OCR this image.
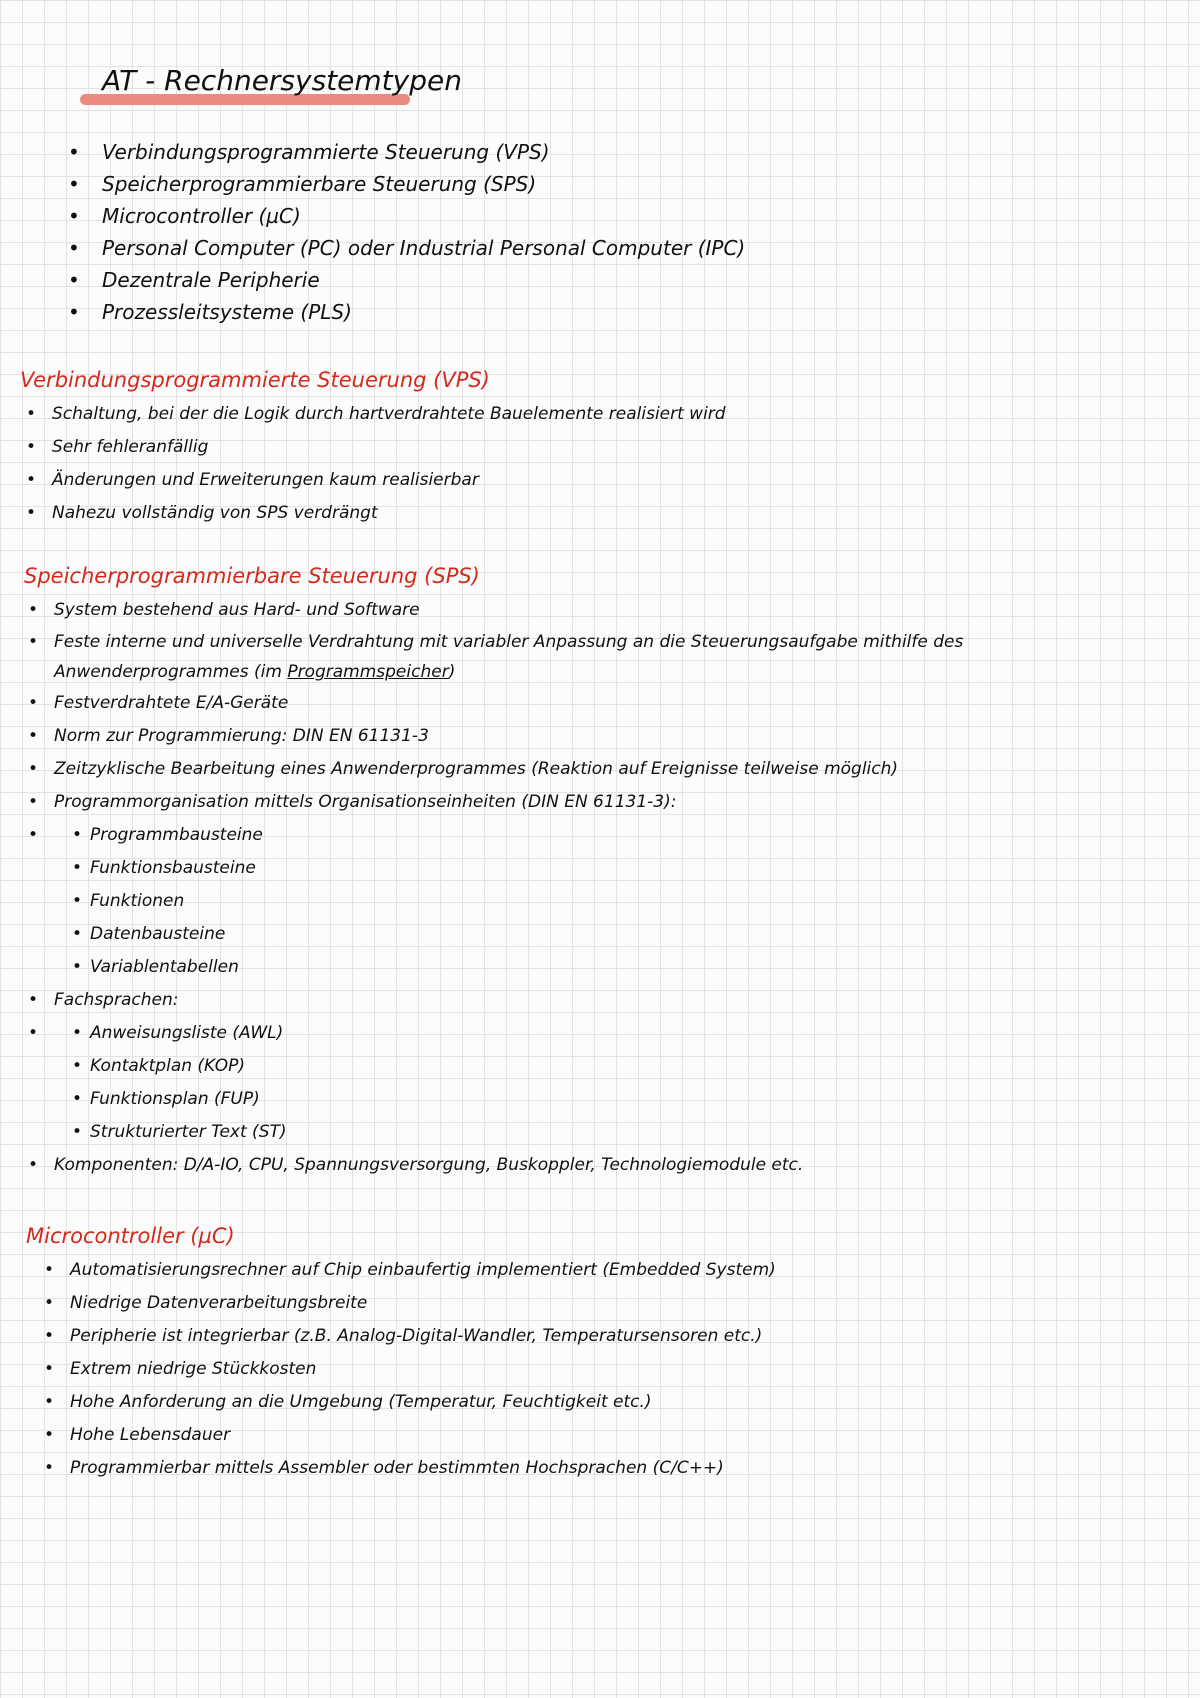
AT - Rechnersystemtypen
• Verbindungsprogrammierte Steuerung (VPS)
• Speicherprogrammierbare Steuerung (SPS)
• Microcontroller (µC)
• Personal Computer (PC) oder Industrial Personal Computer (IPC)
• Dezentrale Peripherie
• Prozessleitsysteme (PLS)
Verbindungsprogrammierte Steuerung (VPS)
• Schaltung, bei der die Logik durch hartverdrahtete Bauelemente realisiert wird
• Sehr fehleranfällig
• Änderungen und Erweiterungen kaum realisierbar
• Nahezu vollständig von SPS verdrängt
Speicherprogrammierbare Steuerung (SPS)
• System bestehend aus Hard- und Software
• Feste interne und universelle Verdrahtung mit variabler Anpassung an die Steuerungsaufgabe mithilfe des
Anwenderprogrammes (im Programmspeicher)
• Festverdrahtete E/A-Geräte
• Norm zur Programmierung: DIN EN 61131-3
• Zeitzyklische Bearbeitung eines Anwenderprogrammes (Reaktion auf Ereignisse teilweise möglich)
• Programmorganisation mittels Organisationseinheiten (DIN EN 61131-3):
• • Programmbausteine
• Funktionsbausteine
• Funktionen
• Datenbausteine
• Variablentabellen
• Fachsprachen:
• • Anweisungsliste (AWL)
• Kontaktplan (KOP)
• Funktionsplan (FUP)
• Strukturierter Text (ST)
• Komponenten: D/A-IO, CPU, Spannungsversorgung, Buskoppler, Technologiemodule etc.
Microcontroller (µC)
• Automatisierungsrechner auf Chip einbaufertig implementiert (Embedded System)
• Niedrige Datenverarbeitungsbreite
• Peripherie ist integrierbar (z.B. Analog-Digital-Wandler, Temperatursensoren etc.)
• Extrem niedrige Stückkosten
• Hohe Anforderung an die Umgebung (Temperatur, Feuchtigkeit etc.)
• Hohe Lebensdauer
• Programmierbar mittels Assembler oder bestimmten Hochsprachen (C/C++)
